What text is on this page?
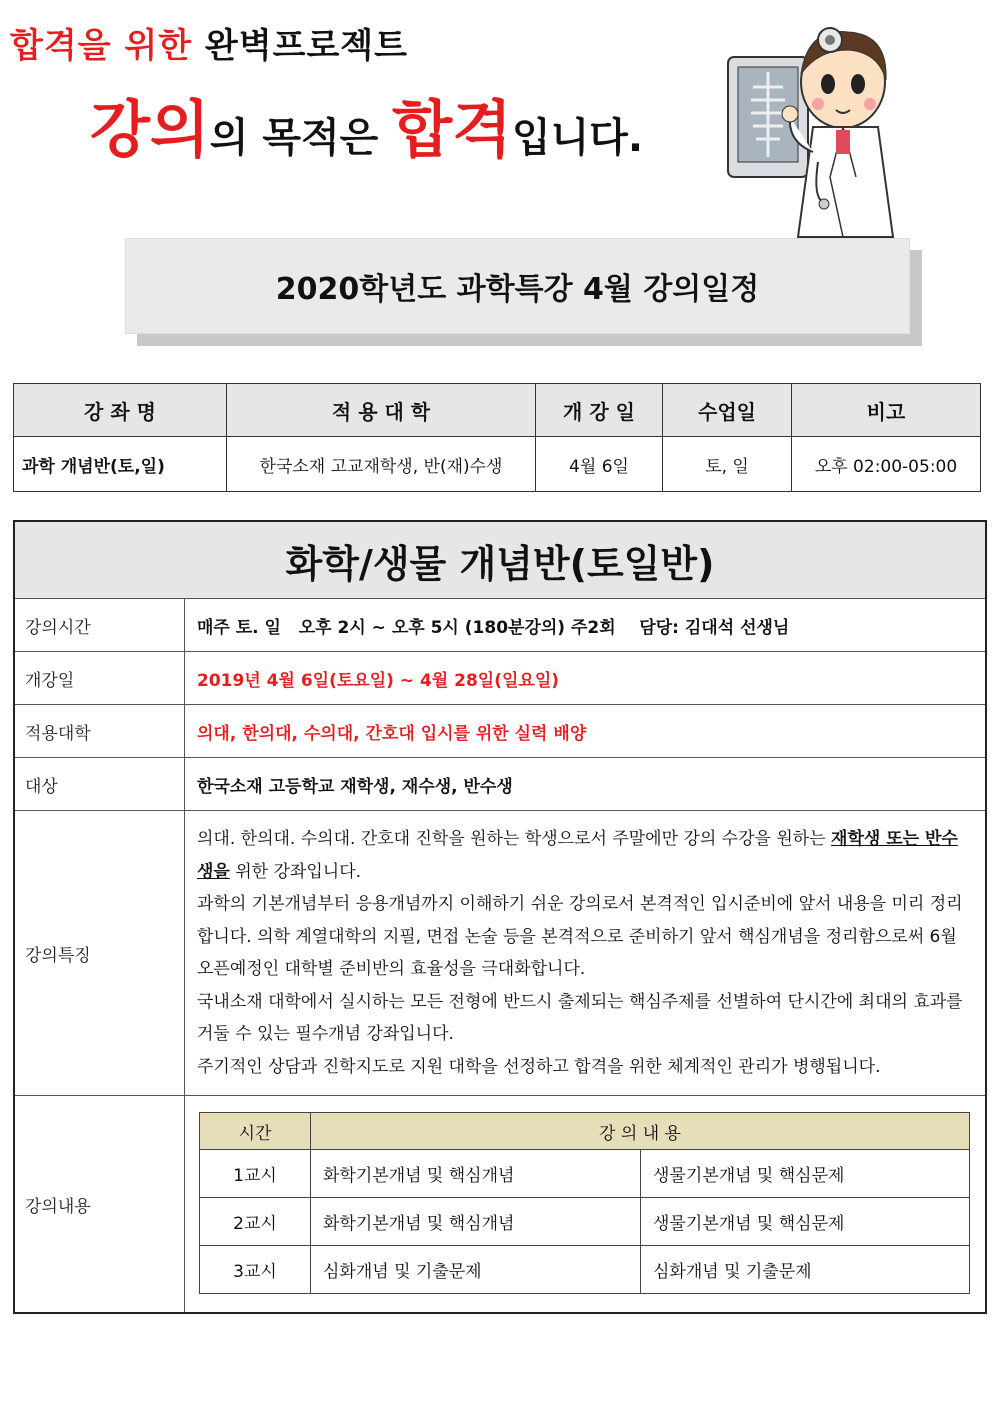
합격을 위한 완벽프로젝트
강의의 목적은 합격입니다.
2020학년도 과학특강 4월 강의일정
강 좌 명	적 용 대 학	개 강 일	수업일	비고
과학 개념반(토,일)	한국소재 고교재학생, 반(재)수생	4월 6일	토, 일	오후 02:00-05:00
화학/생물 개념반(토일반)
강의시간	매주 토. 일   오후 2시 ~ 오후 5시 (180분강의) 주2회    담당: 김대석 선생님
개강일	2019년 4월 6일(토요일) ~ 4월 28일(일요일)
적용대학	의대, 한의대, 수의대, 간호대 입시를 위한 실력 배양
대상	한국소재 고등학교 재학생, 재수생, 반수생
강의특징	
의대. 한의대. 수의대. 간호대 진학을 원하는 학생으로서 주말에만 강의 수강을 원하는 재학생 또는 반수생을 위한 강좌입니다.
과학의 기본개념부터 응용개념까지 이해하기 쉬운 강의로서 본격적인 입시준비에 앞서 내용을 미리 정리합니다. 의학 계열대학의 지필, 면접 논술 등을 본격적으로 준비하기 앞서 핵심개념을 정리함으로써 6월 오픈예정인 대학별 준비반의 효율성을 극대화합니다.
국내소재 대학에서 실시하는 모든 전형에 반드시 출제되는 핵심주제를 선별하여 단시간에 최대의 효과를 거둘 수 있는 필수개념 강좌입니다.
주기적인 상담과 진학지도로 지원 대학을 선정하고 합격을 위한 체계적인 관리가 병행됩니다.

강의내용	
시간	강 의 내 용
1교시	화학기본개념 및 핵심개념	생물기본개념 및 핵심문제
2교시	화학기본개념 및 핵심개념	생물기본개념 및 핵심문제
3교시	심화개념 및 기출문제	심화개념 및 기출문제
